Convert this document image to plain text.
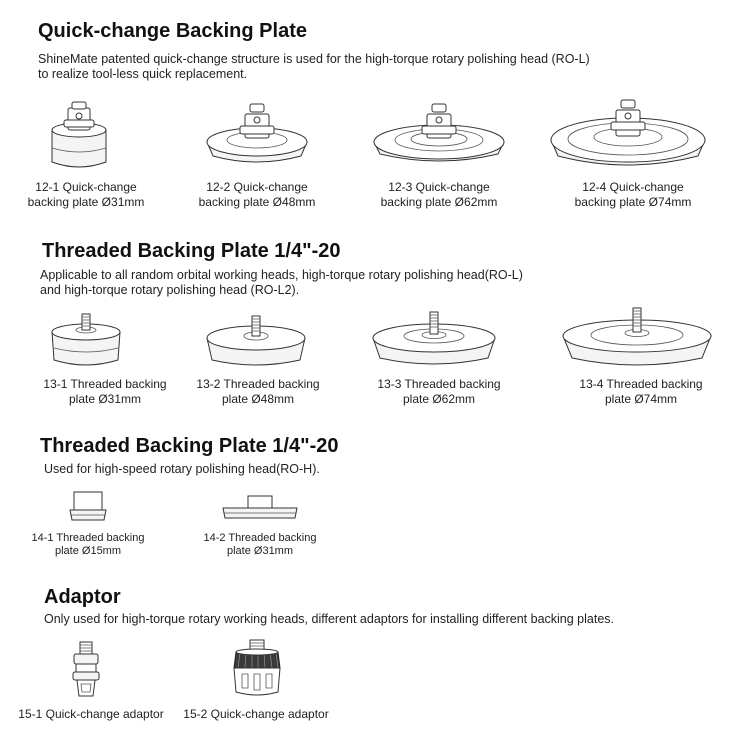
Quick-change Backing Plate
ShineMate patented quick-change structure is used for the high-torque rotary polishing head (RO-L)
to realize tool-less quick replacement.
12-1 Quick-change
backing plate Ø31mm
12-2 Quick-change
backing plate Ø48mm
12-3 Quick-change
backing plate Ø62mm
12-4 Quick-change
backing plate Ø74mm
Threaded Backing Plate 1/4"-20
Applicable to all random orbital working heads, high-torque rotary polishing head(RO-L)
and high-torque rotary polishing head (RO-L2).
13-1 Threaded backing
plate Ø31mm
13-2 Threaded backing
plate Ø48mm
13-3 Threaded backing
plate Ø62mm
13-4 Threaded backing
plate Ø74mm
Threaded Backing Plate 1/4"-20
Used for high-speed rotary polishing head(RO-H).
14-1 Threaded backing
plate Ø15mm
14-2 Threaded backing
plate Ø31mm
Adaptor
Only used for high-torque rotary working heads, different adaptors for installing different backing plates.
15-1 Quick-change adaptor 15-2 Quick-change adaptor
